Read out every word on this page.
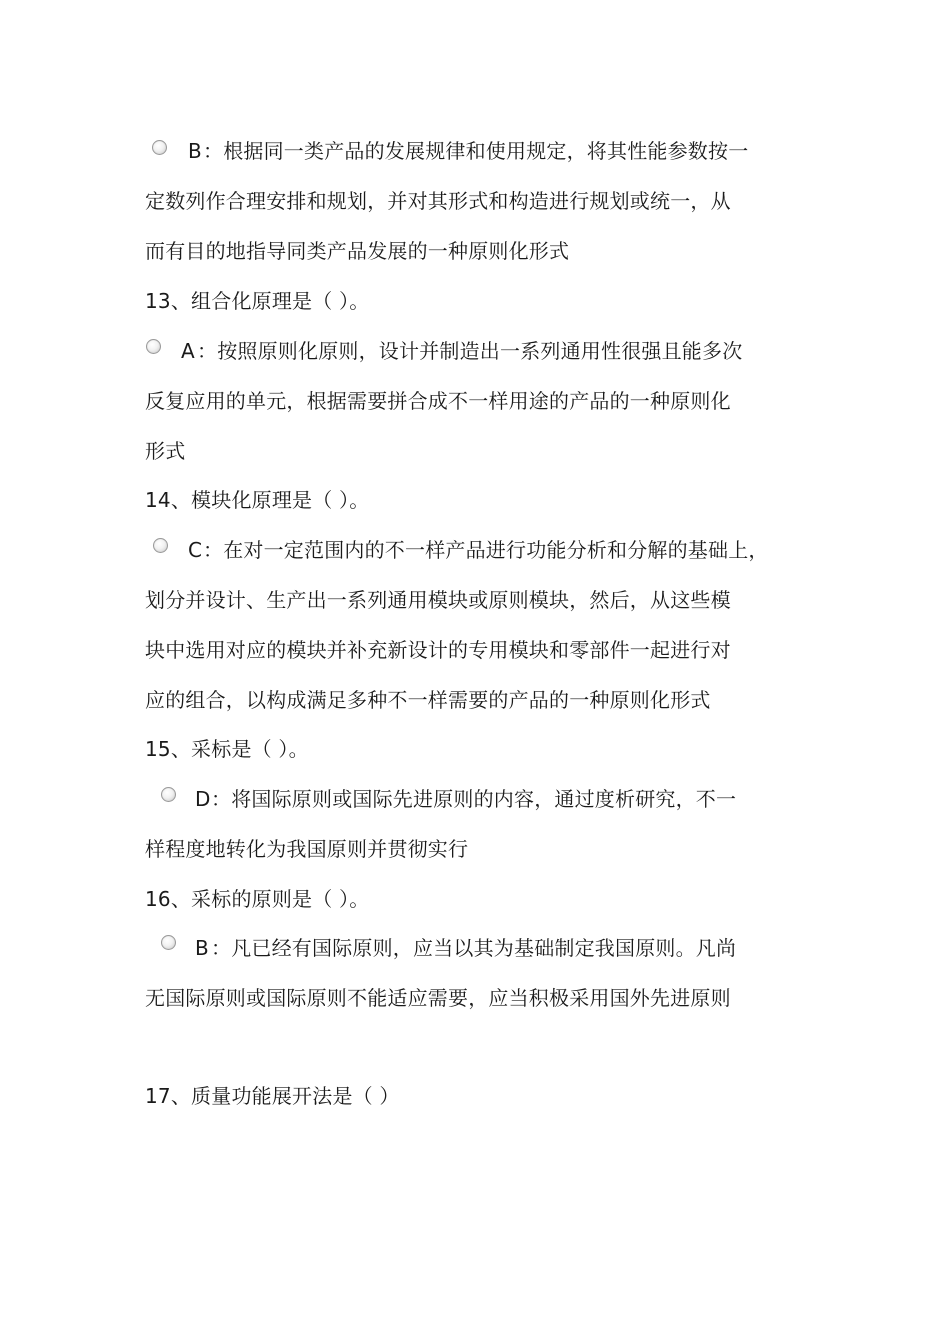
B ：根据同一类产品的发展规律和使用规定，将其性能参数按一
定数列作合理安排和规划，并对其形式和构造进行规划或统一，从
而有目的地指导同类产品发展的一种原则化形式
13、组合化原理是（ ）。
A ：按照原则化原则，设计并制造出一系列通用性很强且能多次
反复应用的单元，根据需要拼合成不一样用途的产品的一种原则化
形式
14、模块化原理是（ ）。
C ：在对一定范围内的不一样产品进行功能分析和分解的基础上，
划分并设计、生产出一系列通用模块或原则模块，然后，从这些模
块中选用对应的模块并补充新设计的专用模块和零部件一起进行对
应的组合，以构成满足多种不一样需要的产品的一种原则化形式
15、采标是（ ）。
D ：将国际原则或国际先进原则的内容，通过度析研究，不一
样程度地转化为我国原则并贯彻实行
16、采标的原则是（ ）。
B ：凡已经有国际原则，应当以其为基础制定我国原则。凡尚
无国际原则或国际原则不能适应需要，应当积极采用国外先进原则
17、质量功能展开法是（ ）
